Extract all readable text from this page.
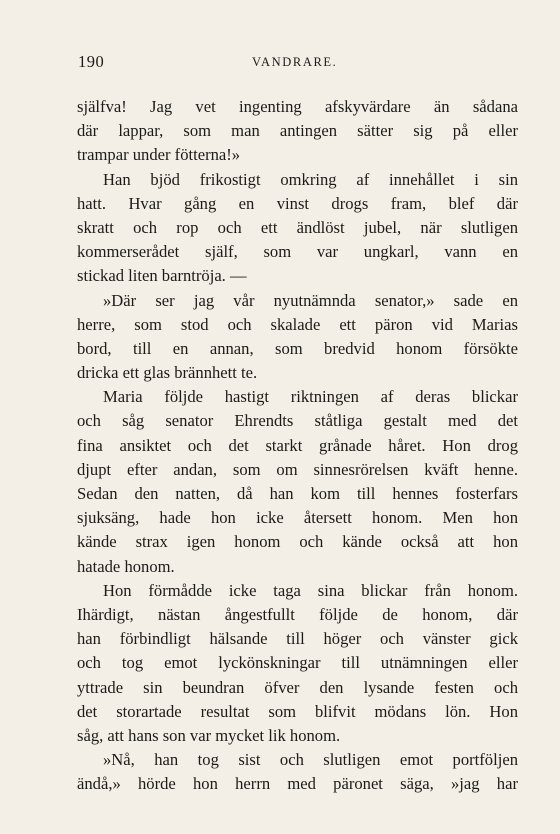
190	VANDRARE.
själfva! Jag vet ingenting afskyvärdare än sådana
där lappar, som man antingen sätter sig på eller
trampar under fötterna!»
Han bjöd frikostigt omkring af innehållet i sin
hatt. Hvar gång en vinst drogs fram, blef där
skratt och rop och ett ändlöst jubel, när slutligen
kommerserådet själf, som var ungkarl, vann en
stickad liten barntröja. —
»Där ser jag vår nyutnämnda senator,» sade en
herre, som stod och skalade ett päron vid Marias
bord, till en annan, som bredvid honom försökte
dricka ett glas brännhett te.
Maria följde hastigt riktningen af deras blickar
och såg senator Ehrendts ståtliga gestalt med det
fina ansiktet och det starkt grånade håret. Hon drog
djupt efter andan, som om sinnesrörelsen kväft henne.
Sedan den natten, då han kom till hennes fosterfars
sjuksäng, hade hon icke återsett honom. Men hon
kände strax igen honom och kände också att hon
hatade honom.
Hon förmådde icke taga sina blickar från honom.
Ihärdigt, nästan ångestfullt följde de honom, där
han förbindligt hälsande till höger och vänster gick
och tog emot lyckönskningar till utnämningen eller
yttrade sin beundran öfver den lysande festen och
det storartade resultat som blifvit mödans lön. Hon
såg, att hans son var mycket lik honom.
»Nå, han tog sist och slutligen emot portföljen
ändå,» hörde hon herrn med päronet säga, »jag har
